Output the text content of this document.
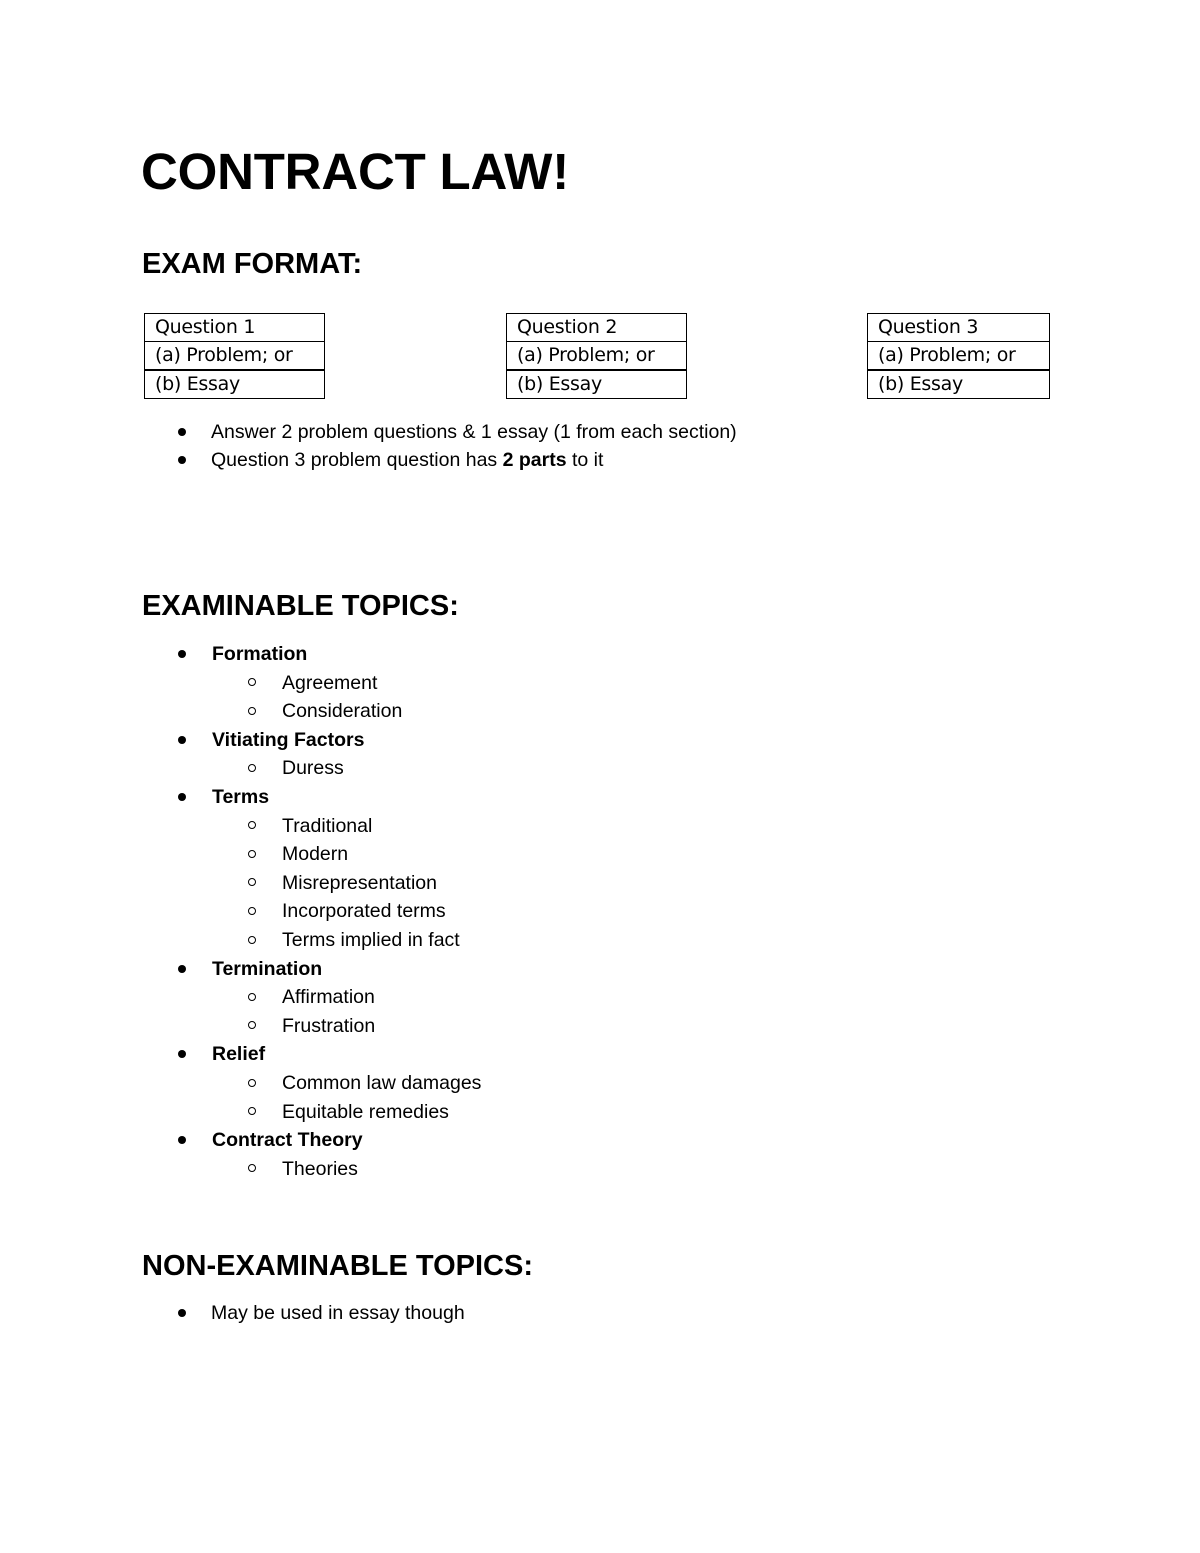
CONTRACT LAW!
EXAM FORMAT:
Question 1
(a) Problem; or
(b) Essay
Question 2
(a) Problem; or
(b) Essay
Question 3
(a) Problem; or
(b) Essay
Answer 2 problem questions & 1 essay (1 from each section)
Question 3 problem question has 2 parts to it
EXAMINABLE TOPICS:
Formation
Agreement
Consideration
Vitiating Factors
Duress
Terms
Traditional
Modern
Misrepresentation
Incorporated terms
Terms implied in fact
Termination
Affirmation
Frustration
Relief
Common law damages
Equitable remedies
Contract Theory
Theories
NON-EXAMINABLE TOPICS:
May be used in essay though
